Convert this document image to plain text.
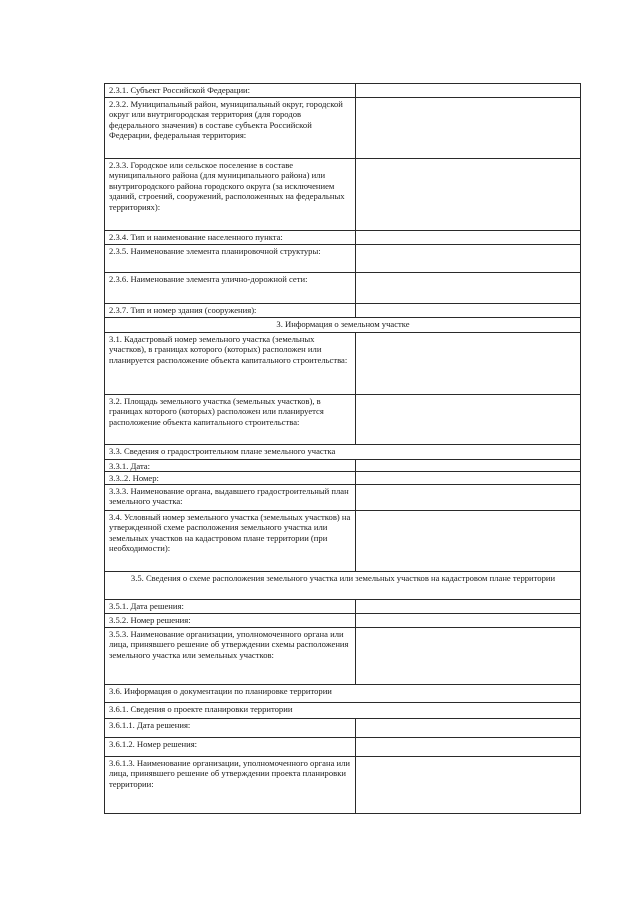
2.3.1. Субъект Российской Федерации:	
2.3.2. Муниципальный район, муниципальный округ, городской округ или внутригородская территория (для городов федерального значения) в составе субъекта Российской Федерации, федеральная территория:	
2.3.3. Городское или сельское поселение в составе муниципального района (для муниципального района) или внутригородского района городского округа (за исключением зданий, строений, сооружений, расположенных на федеральных территориях):	
2.3.4. Тип и наименование населенного пункта:	
2.3.5. Наименование элемента планировочной структуры:	
2.3.6. Наименование элемента улично-дорожной сети:	
2.3.7. Тип и номер здания (сооружения):	
3. Информация о земельном участке	
3.1. Кадастровый номер земельного участка (земельных участков), в границах которого (которых) расположен или планируется расположение объекта капитального строительства:	
3.2. Площадь земельного участка (земельных участков), в границах которого (которых) расположен или планируется расположение объекта капитального строительства:	
3.3. Сведения о градостроительном плане земельного участка	
3.3.1. Дата:	
3.3..2. Номер:	
3.3.3. Наименование органа, выдавшего градостроительный план земельного участка:	
3.4. Условный номер земельного участка (земельных участков) на утвержденной схеме расположения земельного участка или земельных участков на кадастровом плане территории (при необходимости):	
3.5. Сведения о схеме расположения земельного участка или земельных участков на кадастровом плане территории	
3.5.1. Дата решения:	
3.5.2. Номер решения:	
3.5.3. Наименование организации, уполномоченного органа или лица, принявшего решение об утверждении схемы расположения земельного участка или земельных участков:	
3.6. Информация о документации по планировке территории	
3.6.1. Сведения о проекте планировки территории	
3.6.1.1. Дата решения:	
3.6.1.2. Номер решения:	
3.6.1.3. Наименование организации, уполномоченного органа или лица, принявшего решение об утверждении проекта планировки территории:	
